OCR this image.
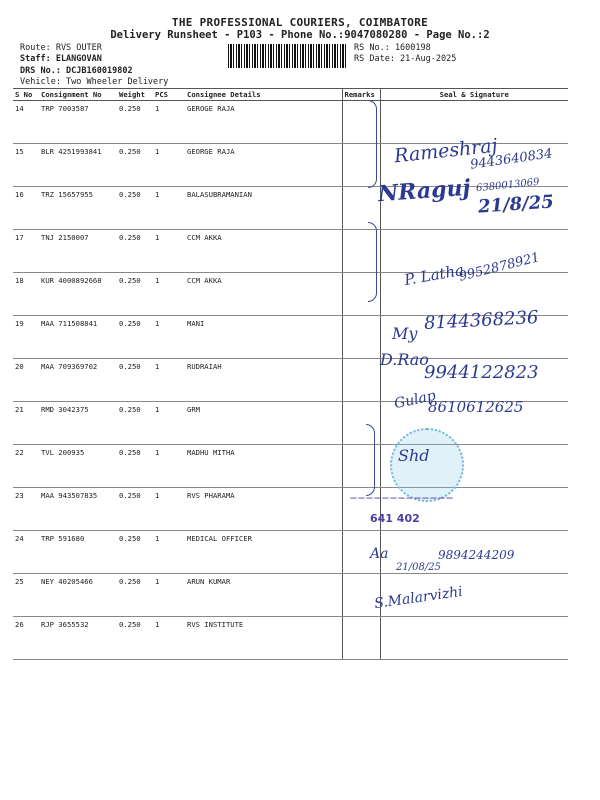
THE PROFESSIONAL COURIERS, COIMBATORE
Delivery Runsheet - P103 - Phone No.:9047080280 - Page No.:2
Route: RVS OUTER
Staff: ELANGOVAN
DRS No.: DCJB160019802
Vehicle: Two Wheeler Delivery
RS No.: 1600198
RS Date: 21-Aug-2025
S No	Consignment No	Weight	PCS	Consignee Details	Remarks	Seal & Signature
14	TRP 7003587	0.250	1	GEROGE RAJA		
15	BLR 4251993841	0.250	1	GEORGE RAJA		
16	TRZ 15657955	0.250	1	BALASUBRAMANIAN		
17	TNJ 2150007	0.250	1	CCM AKKA		
18	KUR 4000892668	0.250	1	CCM AKKA		
19	MAA 711508841	0.250	1	MANI		
20	MAA 709369702	0.250	1	RUDRAIAH		
21	RMD 3042375	0.250	1	GRM		
22	TVL 200935	0.250	1	MADHU MITHA		
23	MAA 943507835	0.250	1	RVS PHARAMA		
24	TRP 591680	0.250	1	MEDICAL OFFICER		
25	NEY 40205466	0.250	1	ARUN KUMAR		
26	RJP 3655532	0.250	1	RVS INSTITUTE		
Rameshraj
9443640834
NRaguj 6380013069
21/8/25
P. Latha
9952878921
8144368236
My
D.Rao
9944122823
Gulap
8610612625
Shd
—————————————
641 402
Aa
21/08/25
9894244209
S.Malarvizhi
